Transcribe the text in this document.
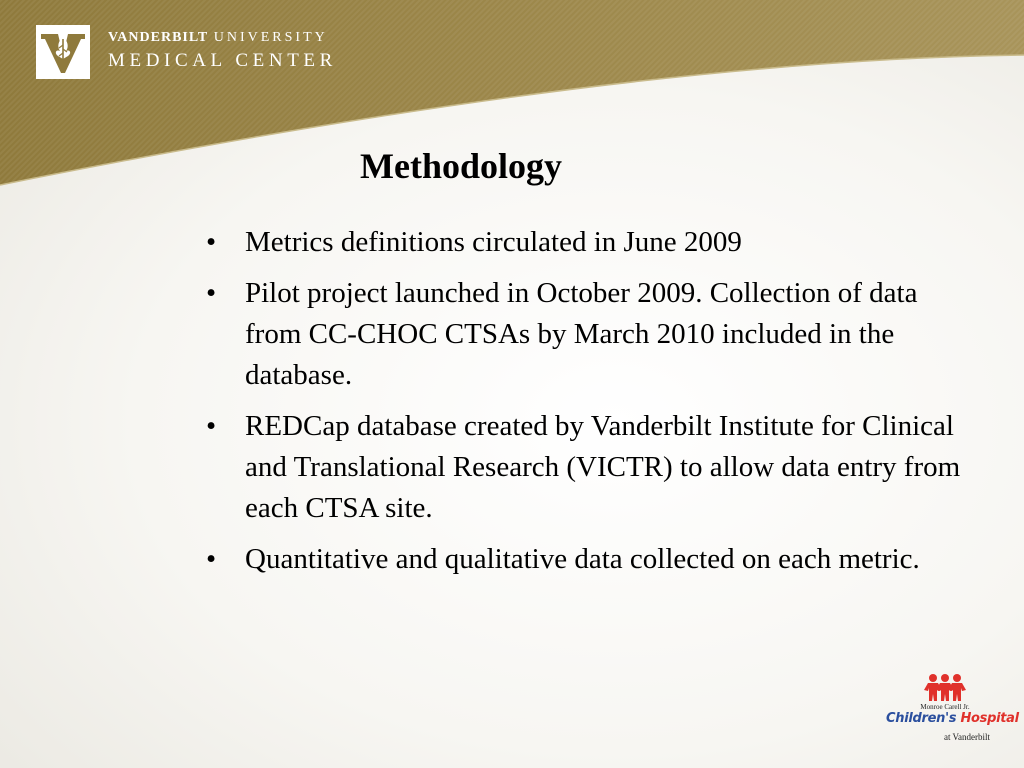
VANDERBILT UNIVERSITY
MEDICAL CENTER
Methodology
• Metrics definitions circulated in June 2009
• Pilot project launched in October 2009. Collection of data from CC-CHOC CTSAs by March 2010 included in the database.
• REDCap database created by Vanderbilt Institute for Clinical and Translational Research (VICTR) to allow data entry from each CTSA site.
• Quantitative and qualitative data collected on each metric.
Monroe Carell Jr.
Children's Hospital
at Vanderbilt
